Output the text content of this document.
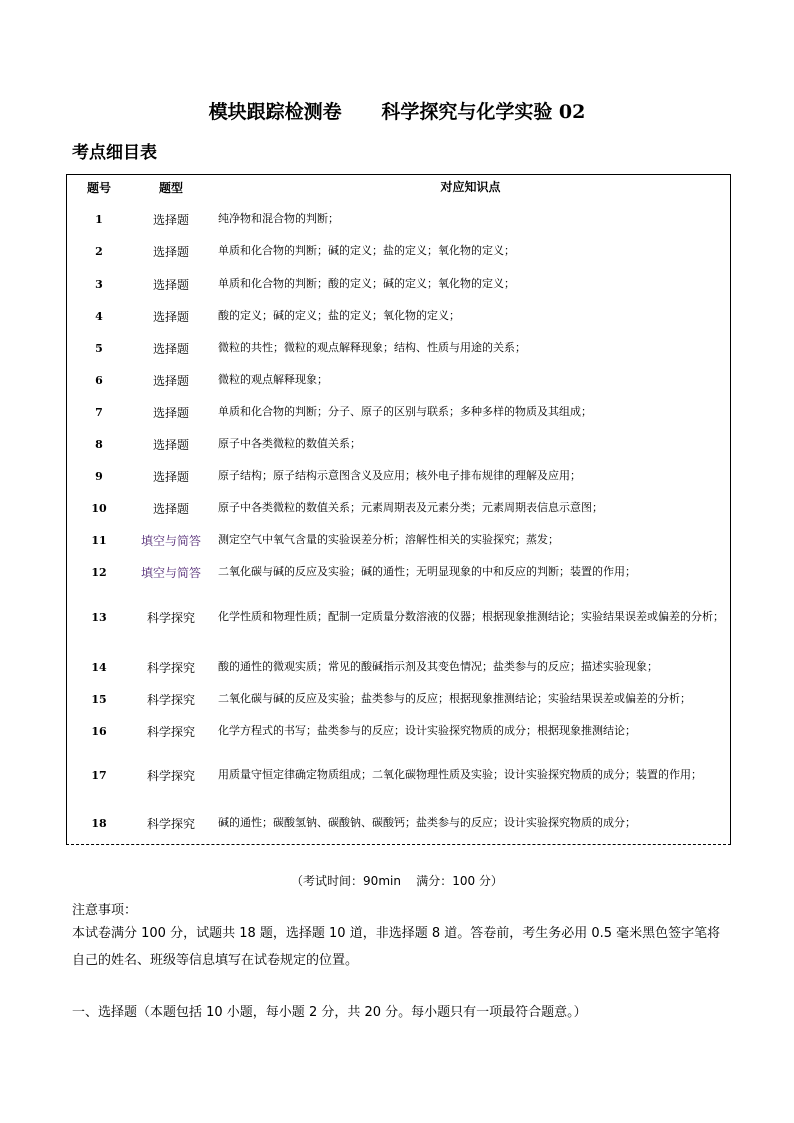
模块跟踪检测卷      科学探究与化学实验 02
考点细目表
题号	题型	对应知识点
1	选择题	纯净物和混合物的判断；
2	选择题	单质和化合物的判断；碱的定义；盐的定义；氧化物的定义；
3	选择题	单质和化合物的判断；酸的定义；碱的定义；氧化物的定义；
4	选择题	酸的定义；碱的定义；盐的定义；氧化物的定义；
5	选择题	微粒的共性；微粒的观点解释现象；结构、性质与用途的关系；
6	选择题	微粒的观点解释现象；
7	选择题	单质和化合物的判断；分子、原子的区别与联系；多种多样的物质及其组成；
8	选择题	原子中各类微粒的数值关系；
9	选择题	原子结构；原子结构示意图含义及应用；核外电子排布规律的理解及应用；
10	选择题	原子中各类微粒的数值关系；元素周期表及元素分类；元素周期表信息示意图；
11	填空与简答	测定空气中氧气含量的实验误差分析；溶解性相关的实验探究；蒸发；
12	填空与简答	二氧化碳与碱的反应及实验；碱的通性；无明显现象的中和反应的判断；装置的作用；
13	科学探究	化学性质和物理性质；配制一定质量分数溶液的仪器；根据现象推测结论；实验结果误差或偏差的分析；
14	科学探究	酸的通性的微观实质；常见的酸碱指示剂及其变色情况；盐类参与的反应；描述实验现象；
15	科学探究	二氧化碳与碱的反应及实验；盐类参与的反应；根据现象推测结论；实验结果误差或偏差的分析；
16	科学探究	化学方程式的书写；盐类参与的反应；设计实验探究物质的成分；根据现象推测结论；
17	科学探究	用质量守恒定律确定物质组成；二氧化碳物理性质及实验；设计实验探究物质的成分；装置的作用；
18	科学探究	碱的通性；碳酸氢钠、碳酸钠、碳酸钙；盐类参与的反应；设计实验探究物质的成分；
（考试时间：90min    满分：100 分）
注意事项：
本试卷满分 100 分，试题共 18 题，选择题 10 道，非选择题 8 道。答卷前，考生务必用 0.5 毫米黑色签字笔将自己的姓名、班级等信息填写在试卷规定的位置。
一、选择题（本题包括 10 小题，每小题 2 分，共 20 分。每小题只有一项最符合题意。）
